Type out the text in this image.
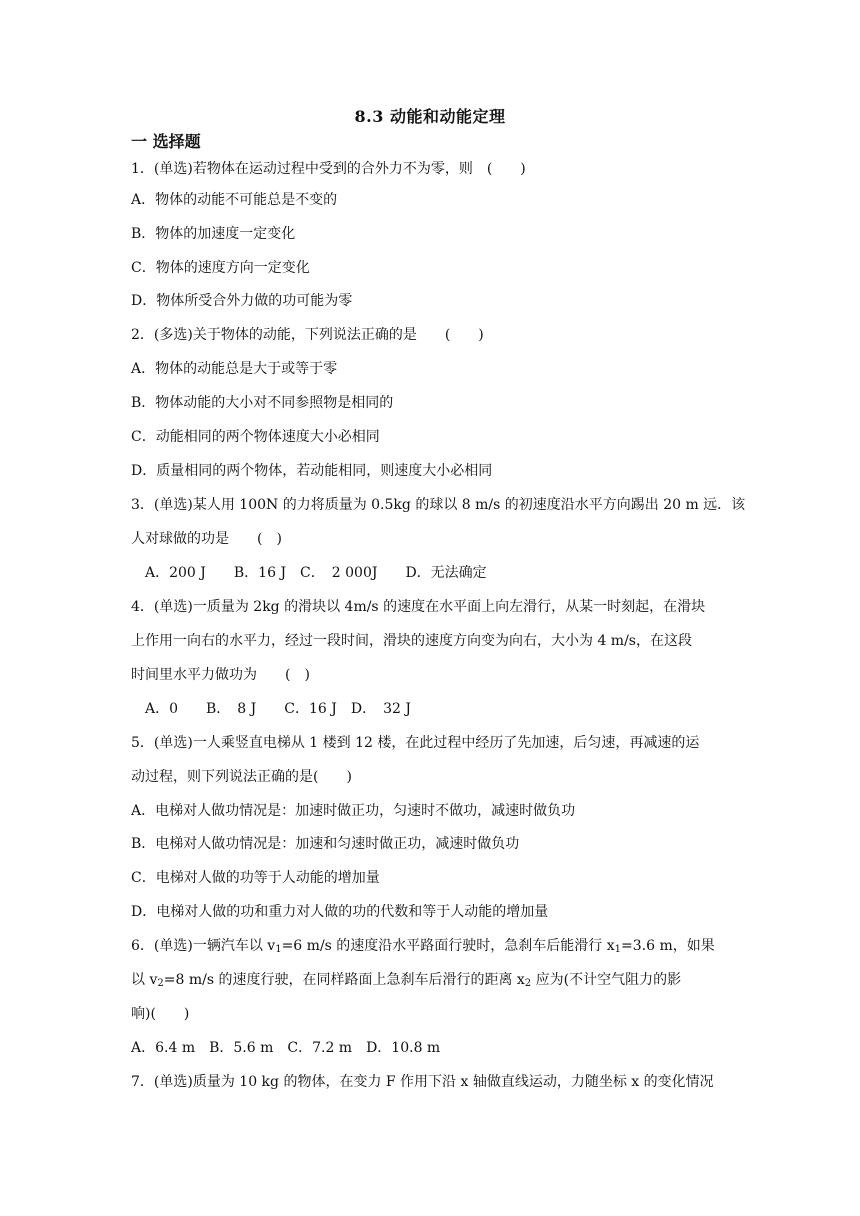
8.3 动能和动能定理
一 选择题
1．(单选)若物体在运动过程中受到的合外力不为零，则　(　　)
A．物体的动能不可能总是不变的
B．物体的加速度一定变化
C．物体的速度方向一定变化
D．物体所受合外力做的功可能为零
2．(多选)关于物体的动能，下列说法正确的是　　(　　)
A．物体的动能总是大于或等于零
B．物体动能的大小对不同参照物是相同的
C．动能相同的两个物体速度大小必相同
D．质量相同的两个物体，若动能相同，则速度大小必相同
3．(单选)某人用 100N 的力将质量为 0.5kg 的球以 8 m/s 的初速度沿水平方向踢出 20 m 远．该
人对球做的功是　　(　)
A．200 J　　B．16 J　C．　2 000J　　D．无法确定
4．(单选)一质量为 2kg 的滑块以 4m/s 的速度在水平面上向左滑行，从某一时刻起，在滑块
上作用一向右的水平力，经过一段时间，滑块的速度方向变为向右，大小为 4 m/s，在这段
时间里水平力做功为　　(　)
A．0　　B．　8 J　　C．16 J　D．　32 J
5．(单选)一人乘竖直电梯从 1 楼到 12 楼，在此过程中经历了先加速，后匀速，再减速的运
动过程，则下列说法正确的是(　　)
A．电梯对人做功情况是：加速时做正功，匀速时不做功，减速时做负功
B．电梯对人做功情况是：加速和匀速时做正功，减速时做负功
C．电梯对人做的功等于人动能的增加量
D．电梯对人做的功和重力对人做的功的代数和等于人动能的增加量
6．(单选)一辆汽车以 $v_1=6$ m/s 的速度沿水平路面行驶时，急刹车后能滑行 $x_1=3.6$ m，如果
以 $v_2=8$ m/s 的速度行驶，在同样路面上急刹车后滑行的距离 $x_2$ 应为(不计空气阻力的影
响)(　　)
A．6.4 m　B．5.6 m　C．7.2 m　D．10.8 m
7．(单选)质量为 10 kg 的物体，在变力 F 作用下沿 x 轴做直线运动，力随坐标 x 的变化情况
